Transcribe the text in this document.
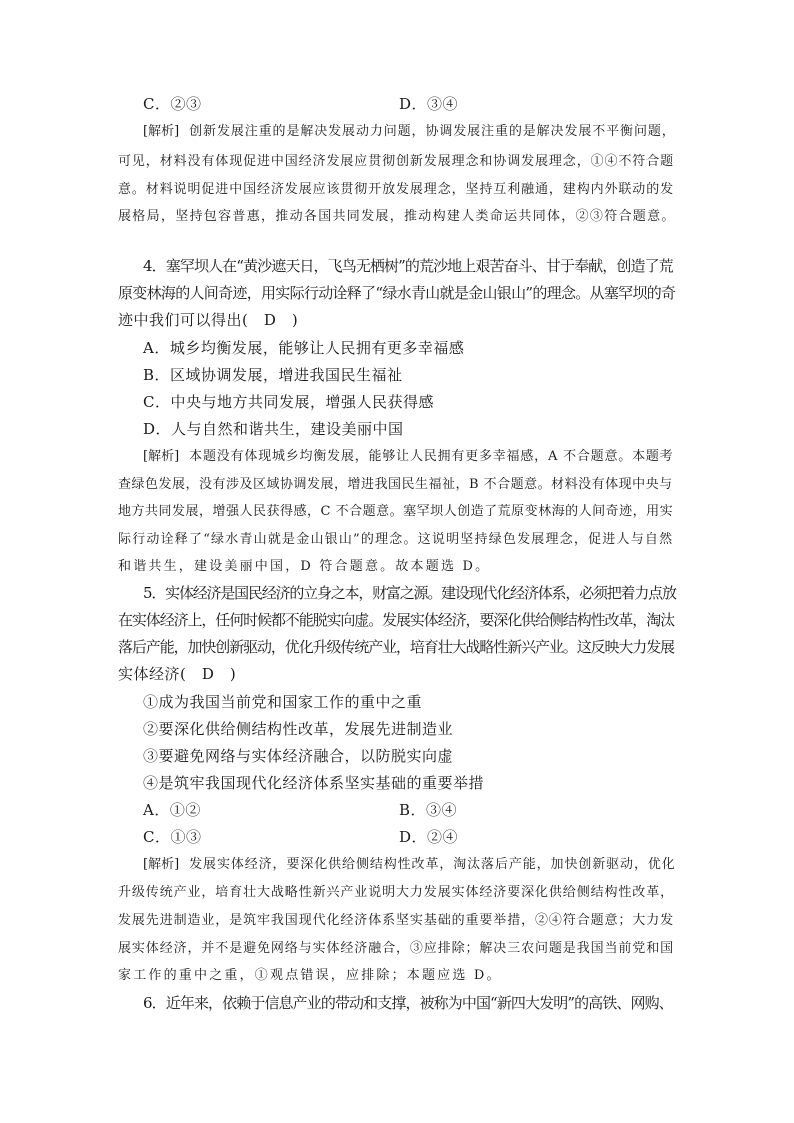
C．②③	D．③④
[解析] 创新发展注重的是解决发展动力问题，协调发展注重的是解决发展不平衡问题，
可见，材料没有体现促进中国经济发展应贯彻创新发展理念和协调发展理念，①④不符合题
意。材料说明促进中国经济发展应该贯彻开放发展理念，坚持互利融通，建构内外联动的发
展格局，坚持包容普惠，推动各国共同发展，推动构建人类命运共同体，②③符合题意。
4．塞罕坝人在“黄沙遮天日，飞鸟无栖树”的荒沙地上艰苦奋斗、甘于奉献，创造了荒
原变林海的人间奇迹，用实际行动诠释了“绿水青山就是金山银山”的理念。从塞罕坝的奇
迹中我们可以得出(　D　)
A．城乡均衡发展，能够让人民拥有更多幸福感
B．区域协调发展，增进我国民生福祉
C．中央与地方共同发展，增强人民获得感
D．人与自然和谐共生，建设美丽中国
[解析] 本题没有体现城乡均衡发展，能够让人民拥有更多幸福感，A 不合题意。本题考
查绿色发展，没有涉及区域协调发展，增进我国民生福祉，B 不合题意。材料没有体现中央与
地方共同发展，增强人民获得感，C 不合题意。塞罕坝人创造了荒原变林海的人间奇迹，用实
际行动诠释了“绿水青山就是金山银山”的理念。这说明坚持绿色发展理念，促进人与自然
和谐共生，建设美丽中国，D 符合题意。故本题选 D。
5．实体经济是国民经济的立身之本，财富之源。建设现代化经济体系，必须把着力点放
在实体经济上，任何时候都不能脱实向虚。发展实体经济，要深化供给侧结构性改革，淘汰
落后产能，加快创新驱动，优化升级传统产业，培育壮大战略性新兴产业。这反映大力发展
实体经济(　D　)
①成为我国当前党和国家工作的重中之重
②要深化供给侧结构性改革，发展先进制造业
③要避免网络与实体经济融合，以防脱实向虚
④是筑牢我国现代化经济体系坚实基础的重要举措
A．①②	B．③④
C．①③	D．②④
[解析] 发展实体经济，要深化供给侧结构性改革，淘汰落后产能，加快创新驱动，优化
升级传统产业，培育壮大战略性新兴产业说明大力发展实体经济要深化供给侧结构性改革，
发展先进制造业，是筑牢我国现代化经济体系坚实基础的重要举措，②④符合题意；大力发
展实体经济，并不是避免网络与实体经济融合，③应排除；解决三农问题是我国当前党和国
家工作的重中之重，①观点错误，应排除；本题应选 D。
6．近年来，依赖于信息产业的带动和支撑，被称为中国“新四大发明”的高铁、网购、
